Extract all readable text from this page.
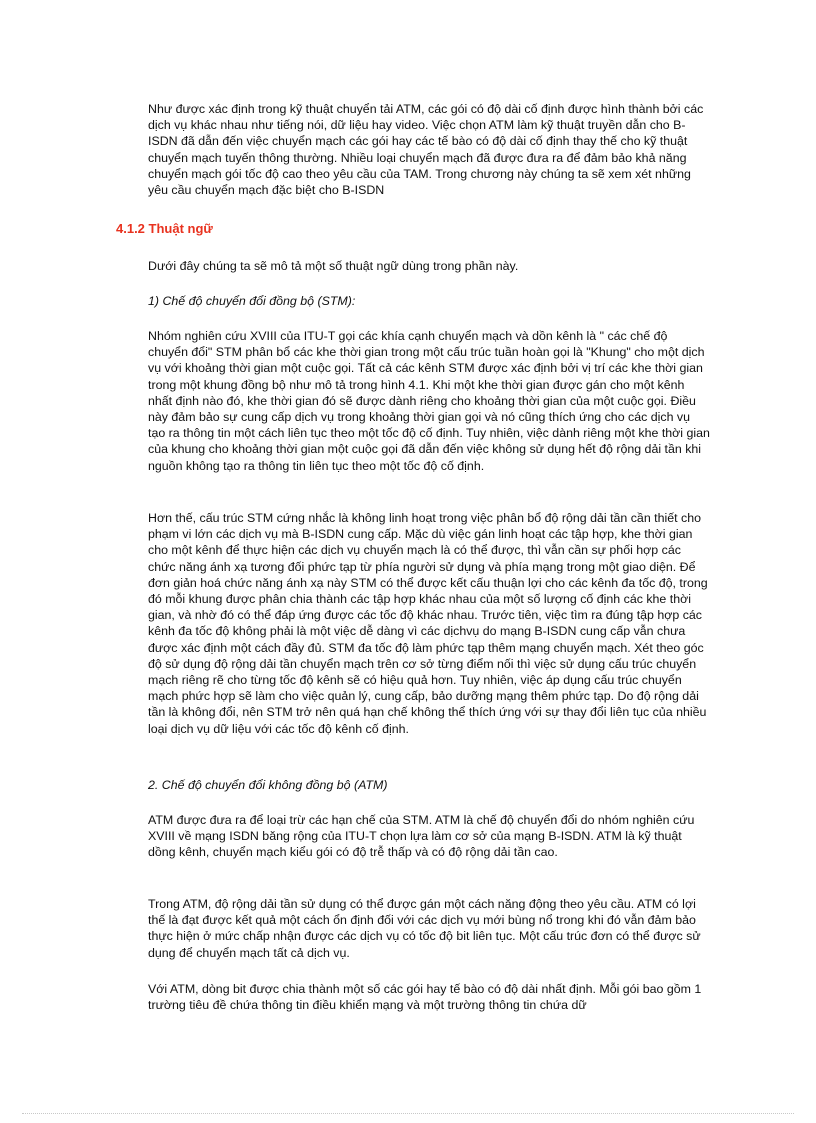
Như được xác định trong kỹ thuật chuyển tải ATM, các gói có độ dài cố định được hình thành bởi các dịch vụ khác nhau như tiếng nói, dữ liệu hay video. Việc chọn ATM làm kỹ thuật truyền dẫn cho B-ISDN đã dẫn đến việc chuyển mạch các gói hay các tế bào có độ dài cố định thay thế cho kỹ thuật chuyển mạch tuyến thông thường. Nhiều loại chuyển mạch đã được đưa ra để đảm bảo khả năng chuyển mạch gói tốc độ cao theo yêu cầu của TAM. Trong chương này chúng ta sẽ xem xét những yêu cầu chuyển mạch đặc biệt cho B-ISDN

4.1.2 Thuật ngữ

Dưới đây chúng ta sẽ mô tả một số thuật ngữ dùng trong phần này.

1) Chế độ chuyển đổi đồng bộ (STM):

Nhóm nghiên cứu XVIII của ITU-T gọi các khía cạnh chuyển mạch và dồn kênh là " các chế độ chuyển đổi" STM phân bổ các khe thời gian trong một cấu trúc tuần hoàn gọi là "Khung" cho một dịch vụ với khoảng thời gian một cuộc gọi. Tất cả các kênh STM được xác định bởi vị trí các khe thời gian trong một khung đồng bộ như mô tả trong hình 4.1. Khi một khe thời gian được gán cho một kênh nhất định nào đó, khe thời gian đó sẽ được dành riêng cho khoảng thời gian của một cuộc gọi. Điều này đảm bảo sự cung cấp dịch vụ trong khoảng thời gian gọi và nó cũng thích ứng cho các dịch vụ tạo ra thông tin một cách liên tục theo một tốc độ cố định. Tuy nhiên, việc dành riêng một khe thời gian của khung cho khoảng thời gian một cuộc gọi đã dẫn đến việc không sử dụng hết độ rộng dải tần khi nguồn không tạo ra thông tin liên tục theo một tốc độ cố định.

Hơn thế, cấu trúc STM cứng nhắc là không linh hoạt trong việc phân bổ độ rộng dải tần cần thiết cho phạm vi lớn các dịch vụ mà B-ISDN cung cấp. Mặc dù việc gán linh hoạt các tập hợp, khe thời gian cho một kênh để thực hiện các dịch vụ chuyển mạch là có thể được, thì vẫn cần sự phối hợp các chức năng ánh xạ tương đối phức tạp từ phía người sử dụng và phía mạng trong một giao diện. Để đơn giản hoá chức năng ánh xạ này STM có thể được kết cấu thuận lợi cho các kênh đa tốc độ, trong đó mỗi khung được phân chia thành các tập hợp khác nhau của một số lượng cố định các khe thời gian, và nhờ đó có thể đáp ứng được các tốc độ khác nhau. Trước tiên, việc tìm ra đúng tập hợp các kênh đa tốc độ không phải là một việc dễ dàng vì các dịchvụ do mạng B-ISDN cung cấp vẫn chưa được xác định một cách đầy đủ. STM đa tốc độ làm phức tạp thêm mạng chuyển mạch. Xét theo góc độ sử dụng độ rộng dải tần chuyển mạch trên cơ sở từng điểm nối thì việc sử dụng cấu trúc chuyển mạch riêng rẽ cho từng tốc độ kênh sẽ có hiệu quả hơn. Tuy nhiên, việc áp dụng cấu trúc chuyển mạch phức hợp sẽ làm cho việc quản lý, cung cấp, bảo dưỡng mạng thêm phức tạp. Do độ rộng dải tần là không đổi, nên STM trở nên quá hạn chế không thể thích ứng với sự thay đổi liên tục của nhiều loại dịch vụ dữ liệu với các tốc độ kênh cố định.

2. Chế độ chuyển đổi không đồng bộ (ATM)

ATM được đưa ra để loại trừ các hạn chế của STM. ATM là chế độ chuyển đổi do nhóm nghiên cứu XVIII về mạng ISDN băng rộng của ITU-T chọn lựa làm cơ sở của mạng B-ISDN. ATM là kỹ thuật dồng kênh, chuyển mạch kiểu gói có độ trễ thấp và có độ rộng dải tần cao.

Trong ATM, độ rộng dải tần sử dụng có thể được gán một cách năng động theo yêu cầu. ATM có lợi thế là đạt được kết quả một cách ổn định đối với các dịch vụ mới bùng nổ trong khi đó vẫn đảm bảo thực hiện ở mức chấp nhận được các dịch vụ có tốc độ bit liên tục. Một cấu trúc đơn có thể được sử dụng để chuyển mạch tất cả dịch vụ.

Với ATM, dòng bit được chia thành một số các gói hay tế bào có độ dài nhất định. Mỗi gói bao gồm 1 trường tiêu đề chứa thông tin điều khiển mạng và một trường thông tin chứa dữ
